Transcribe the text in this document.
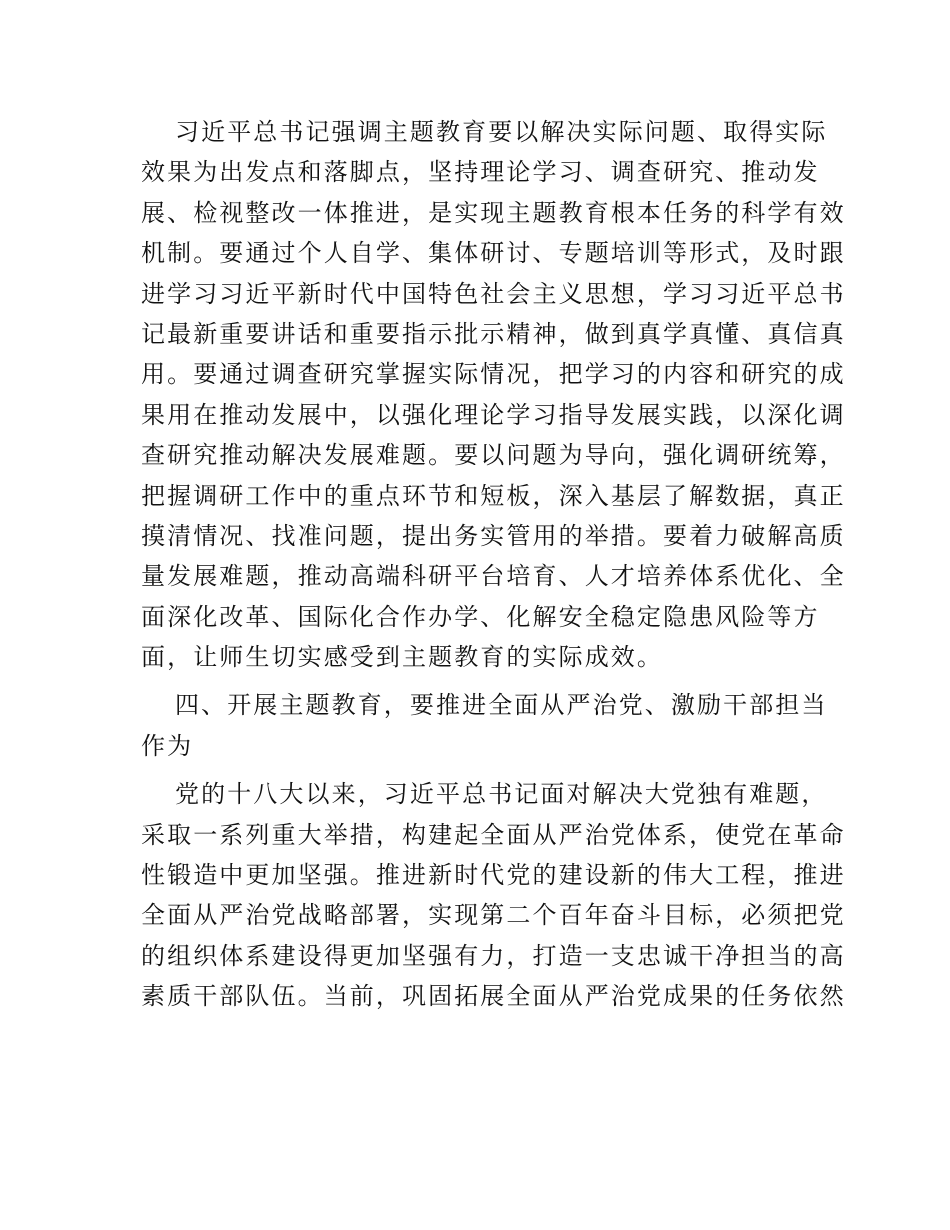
习近平总书记强调主题教育要以解决实际问题、取得实际
效果为出发点和落脚点，坚持理论学习、调查研究、推动发
展、检视整改一体推进，是实现主题教育根本任务的科学有效
机制。要通过个人自学、集体研讨、专题培训等形式，及时跟
进学习习近平新时代中国特色社会主义思想，学习习近平总书
记最新重要讲话和重要指示批示精神，做到真学真懂、真信真
用。要通过调查研究掌握实际情况，把学习的内容和研究的成
果用在推动发展中，以强化理论学习指导发展实践，以深化调
查研究推动解决发展难题。要以问题为导向，强化调研统筹，
把握调研工作中的重点环节和短板，深入基层了解数据，真正
摸清情况、找准问题，提出务实管用的举措。要着力破解高质
量发展难题，推动高端科研平台培育、人才培养体系优化、全
面深化改革、国际化合作办学、化解安全稳定隐患风险等方
面，让师生切实感受到主题教育的实际成效。
四、开展主题教育，要推进全面从严治党、激励干部担当
作为
党的十八大以来，习近平总书记面对解决大党独有难题，
采取一系列重大举措，构建起全面从严治党体系，使党在革命
性锻造中更加坚强。推进新时代党的建设新的伟大工程，推进
全面从严治党战略部署，实现第二个百年奋斗目标，必须把党
的组织体系建设得更加坚强有力，打造一支忠诚干净担当的高
素质干部队伍。当前，巩固拓展全面从严治党成果的任务依然
